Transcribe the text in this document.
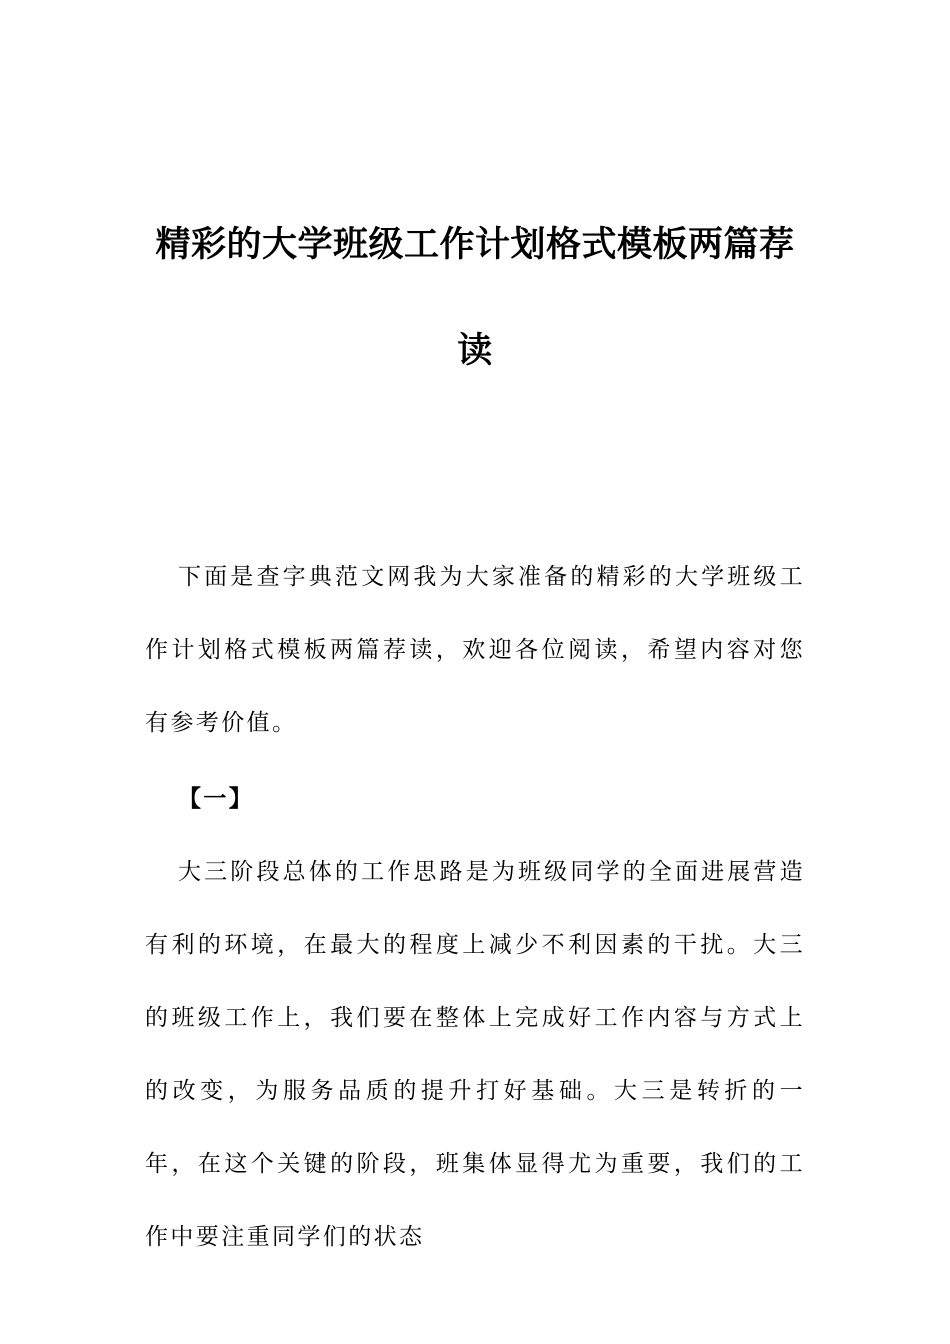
精彩的大学班级工作计划格式模板两篇荐读

下面是查字典范文网我为大家准备的精彩的大学班级工作计划格式模板两篇荐读，欢迎各位阅读，希望内容对您有参考价值。

【一】

大三阶段总体的工作思路是为班级同学的全面进展营造有利的环境，在最大的程度上减少不利因素的干扰。大三的班级工作上，我们要在整体上完成好工作内容与方式上的改变，为服务品质的提升打好基础。大三是转折的一年，在这个关键的阶段，班集体显得尤为重要，我们的工作中要注重同学们的状态
